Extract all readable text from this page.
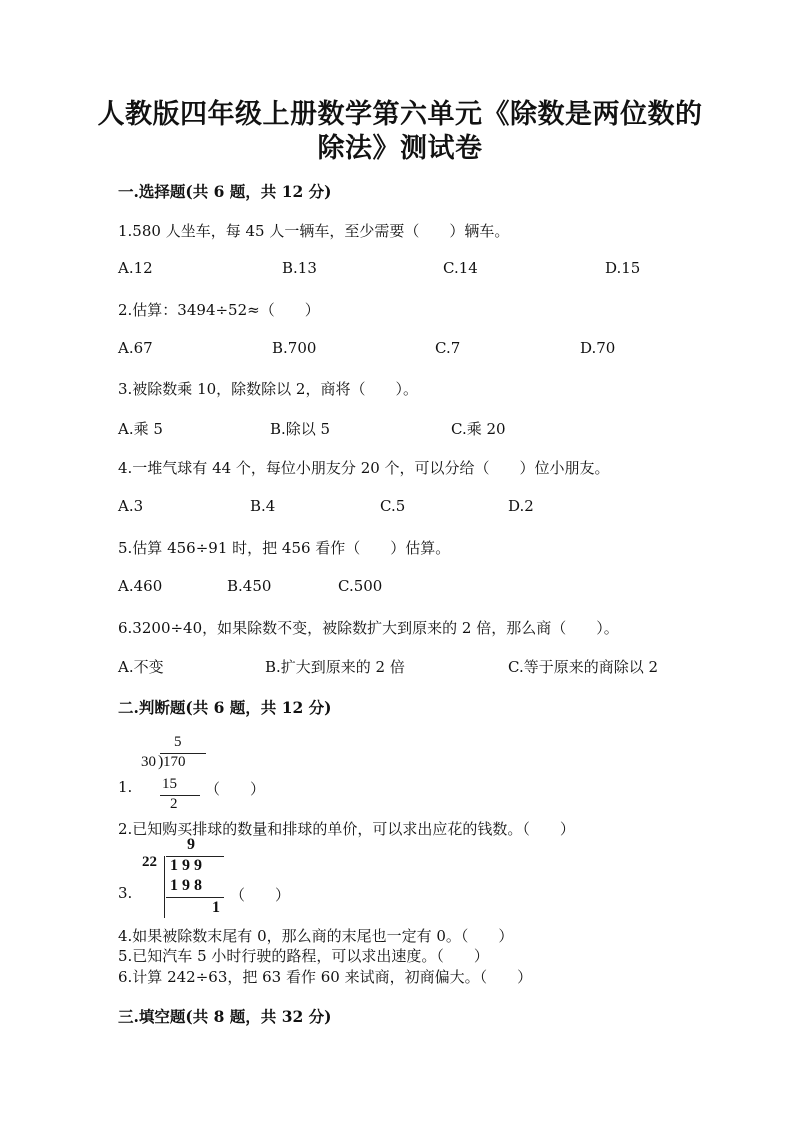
人教版四年级上册数学第六单元《除数是两位数的
除法》测试卷
一.选择题(共 6 题，共 12 分)
1.580 人坐车，每 45 人一辆车，至少需要（　　）辆车。
A.12	B.13	C.14	D.15
2.估算：3494÷52≈（　　）
A.67	B.700	C.7	D.70
3.被除数乘 10，除数除以 2，商将（　　）。
A.乘 5	B.除以 5	C.乘 20
4.一堆气球有 44 个，每位小朋友分 20 个，可以分给（　　）位小朋友。
A.3	B.4	C.5	D.2
5.估算 456÷91 时，把 456 看作（　　）估算。
A.460	B.450	C.500
6.3200÷40，如果除数不变，被除数扩大到原来的 2 倍，那么商（　　）。
A.不变	B.扩大到原来的 2 倍	C.等于原来的商除以 2
二.判断题(共 6 题，共 12 分)
5
30 ) 170
15
2
1.	（　　）
2.已知购买排球的数量和排球的单价，可以求出应花的钱数。（　　）
9
22 1 9 9
1 9 8
1
3.	（　　）
4.如果被除数末尾有 0，那么商的末尾也一定有 0。（　　）
5.已知汽车 5 小时行驶的路程，可以求出速度。（　　）
6.计算 242÷63，把 63 看作 60 来试商，初商偏大。（　　）
三.填空题(共 8 题，共 32 分)
